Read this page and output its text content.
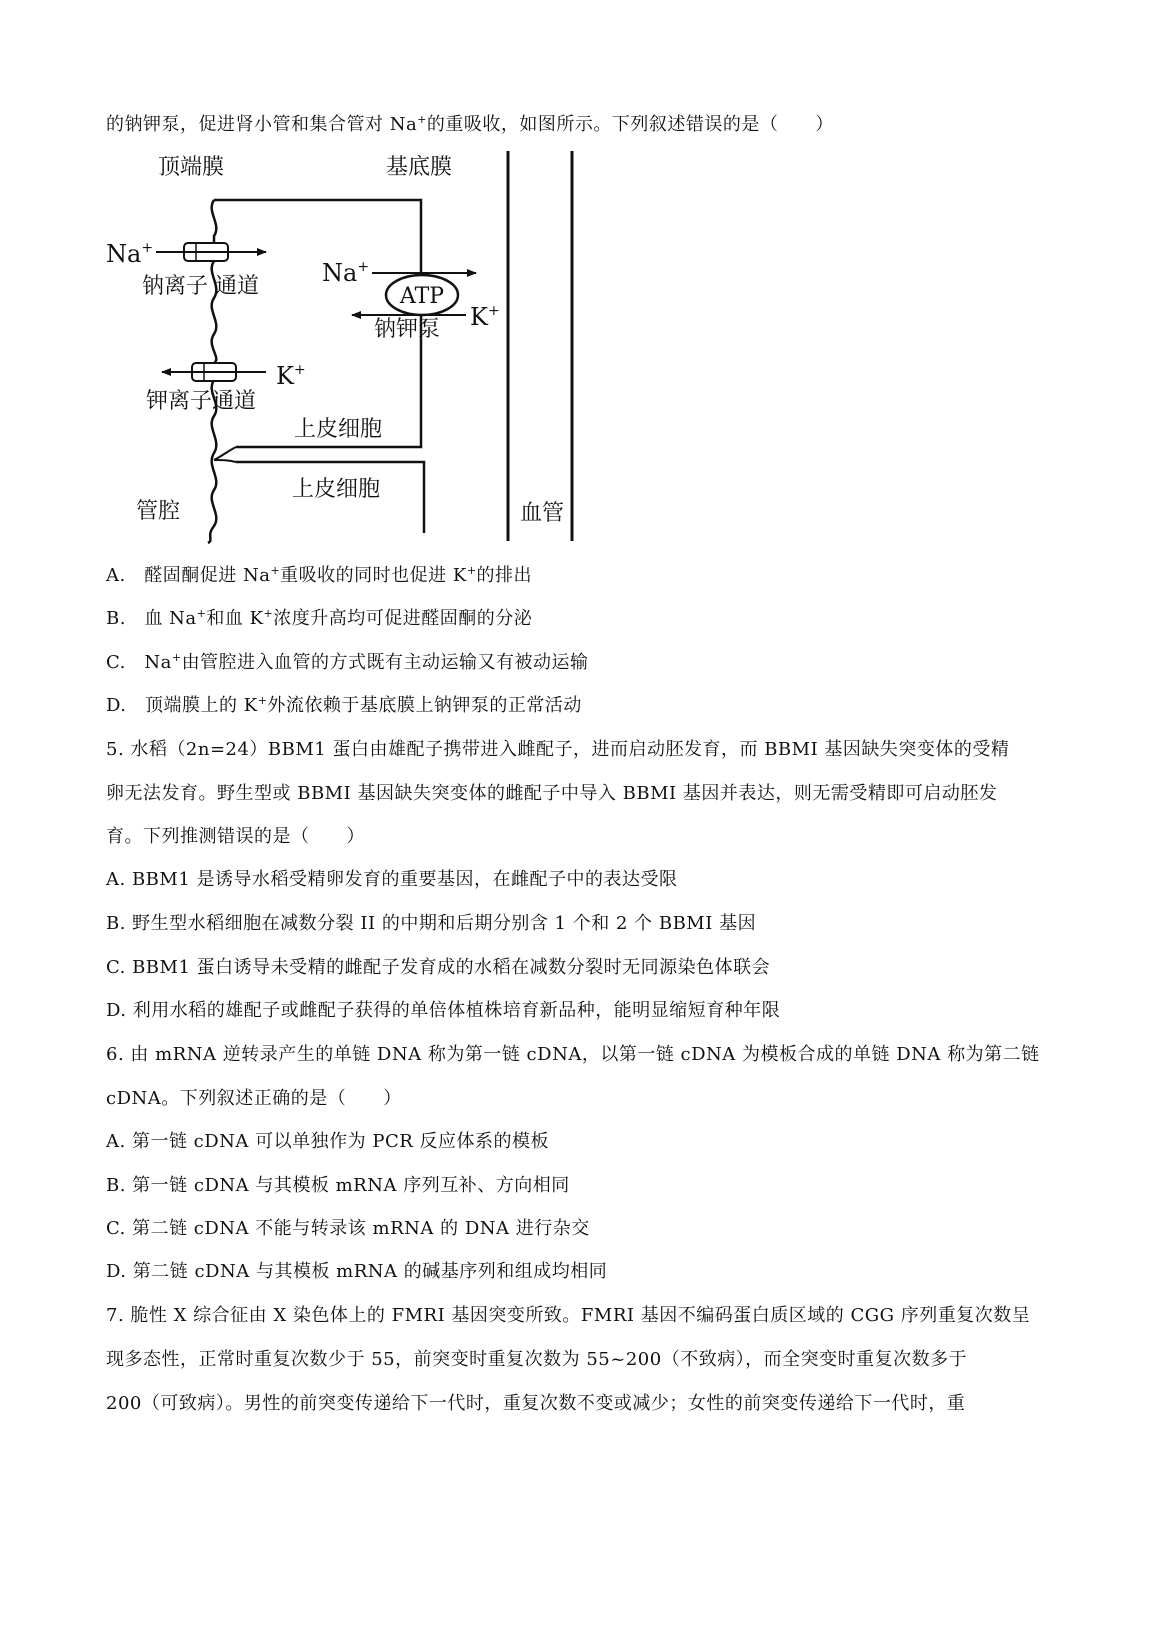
的钠钾泵，促进肾小管和集合管对 Na+的重吸收，如图所示。下列叙述错误的是（　　）
Na+
钠离子 通道
K+
钾离子通道
ATP
Na+
K+
钠钾泵
顶端膜	基底膜
上皮细胞
上皮细胞
管腔	血管
A.　 醛固酮促进 Na+重吸收的同时也促进 K+的排出
B.　 血 Na+和血 K+浓度升高均可促进醛固酮的分泌
C.　 Na+由管腔进入血管的方式既有主动运输又有被动运输
D.　 顶端膜上的 K+外流依赖于基底膜上钠钾泵的正常活动
5. 水稻（2n=24）BBM1 蛋白由雄配子携带进入雌配子，进而启动胚发育，而 BBMI 基因缺失突变体的受精
卵无法发育。野生型或 BBMI 基因缺失突变体的雌配子中导入 BBMI 基因并表达，则无需受精即可启动胚发
育。下列推测错误的是（　　）
A. BBM1 是诱导水稻受精卵发育的重要基因，在雌配子中的表达受限
B. 野生型水稻细胞在减数分裂 II 的中期和后期分别含 1 个和 2 个 BBMI 基因
C. BBM1 蛋白诱导未受精的雌配子发育成的水稻在减数分裂时无同源染色体联会
D. 利用水稻的雄配子或雌配子获得的单倍体植株培育新品种，能明显缩短育种年限
6. 由 mRNA 逆转录产生的单链 DNA 称为第一链 cDNA，以第一链 cDNA 为模板合成的单链 DNA 称为第二链
cDNA。下列叙述正确的是（　　）
A. 第一链 cDNA 可以单独作为 PCR 反应体系的模板
B. 第一链 cDNA 与其模板 mRNA 序列互补、方向相同
C. 第二链 cDNA 不能与转录该 mRNA 的 DNA 进行杂交
D. 第二链 cDNA 与其模板 mRNA 的碱基序列和组成均相同
7. 脆性 X 综合征由 X 染色体上的 FMRI 基因突变所致。FMRI 基因不编码蛋白质区域的 CGG 序列重复次数呈
现多态性，正常时重复次数少于 55，前突变时重复次数为 55~200（不致病），而全突变时重复次数多于
200（可致病）。男性的前突变传递给下一代时，重复次数不变或减少；女性的前突变传递给下一代时，重
